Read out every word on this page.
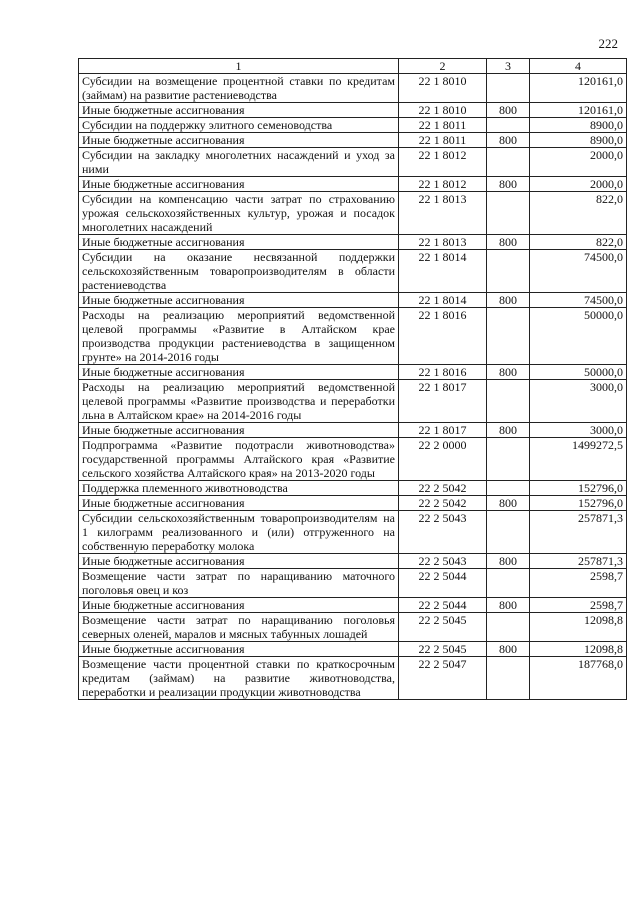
222
1	2	3	4
Субсидии на возмещение процентной ставки по кредитам (займам) на развитие растениеводства	22 1 8010		120161,0
Иные бюджетные ассигнования	22 1 8010	800	120161,0
Субсидии на поддержку элитного семеноводства	22 1 8011		8900,0
Иные бюджетные ассигнования	22 1 8011	800	8900,0
Субсидии на закладку многолетних насаждений и уход за ними	22 1 8012		2000,0
Иные бюджетные ассигнования	22 1 8012	800	2000,0
Субсидии на компенсацию части затрат по страхованию урожая сельскохозяйственных культур, урожая и посадок многолетних насаждений	22 1 8013		822,0
Иные бюджетные ассигнования	22 1 8013	800	822,0
Субсидии на оказание несвязанной поддержки сельскохозяйственным товаропроизводителям в области растениеводства	22 1 8014		74500,0
Иные бюджетные ассигнования	22 1 8014	800	74500,0
Расходы на реализацию мероприятий ведомственной целевой программы «Развитие в Алтайском крае производства продукции растениеводства в защищенном грунте» на 2014-2016 годы	22 1 8016		50000,0
Иные бюджетные ассигнования	22 1 8016	800	50000,0
Расходы на реализацию мероприятий ведомственной целевой программы «Развитие производства и переработки льна в Алтайском крае» на 2014-2016 годы	22 1 8017		3000,0
Иные бюджетные ассигнования	22 1 8017	800	3000,0
Подпрограмма «Развитие подотрасли животноводства» государственной программы Алтайского края «Развитие сельского хозяйства Алтайского края» на 2013-2020 годы	22 2 0000		1499272,5
Поддержка племенного животноводства	22 2 5042		152796,0
Иные бюджетные ассигнования	22 2 5042	800	152796,0
Субсидии сельскохозяйственным товаропроизводителям на 1 килограмм реализованного и (или) отгруженного на собственную переработку молока	22 2 5043		257871,3
Иные бюджетные ассигнования	22 2 5043	800	257871,3
Возмещение части затрат по наращиванию маточного поголовья овец и коз	22 2 5044		2598,7
Иные бюджетные ассигнования	22 2 5044	800	2598,7
Возмещение части затрат по наращиванию поголовья северных оленей, маралов и мясных табунных лошадей	22 2 5045		12098,8
Иные бюджетные ассигнования	22 2 5045	800	12098,8
Возмещение части процентной ставки по краткосрочным кредитам (займам) на развитие животноводства, переработки и реализации продукции животноводства	22 2 5047		187768,0
